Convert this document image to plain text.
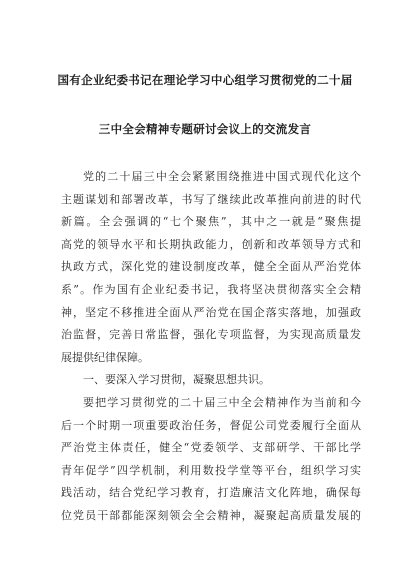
国有企业纪委书记在理论学习中心组学习贯彻党的二十届
三中全会精神专题研讨会议上的交流发言
党的二十届三中全会紧紧围绕推进中国式现代化这个
主题谋划和部署改革，书写了继续此改革推向前进的时代
新篇。全会强调的“七个聚焦”，其中之一就是“聚焦提
高党的领导水平和长期执政能力，创新和改革领导方式和
执政方式，深化党的建设制度改革，健全全面从严治党体
系”。作为国有企业纪委书记，我将坚决贯彻落实全会精
神，坚定不移推进全面从严治党在国企落实落地，加强政
治监督，完善日常监督，强化专项监督，为实现高质量发
展提供纪律保障。
一、要深入学习贯彻，凝聚思想共识。
要把学习贯彻党的二十届三中全会精神作为当前和今
后一个时期一项重要政治任务，督促公司党委履行全面从
严治党主体责任，健全“党委领学、支部研学、干部比学
青年促学”四学机制，利用数投学堂等平台，组织学习实
践活动，结合党纪学习教育，打造廉洁文化阵地，确保每
位党员干部都能深刻领会全会精神，凝聚起高质量发展的
